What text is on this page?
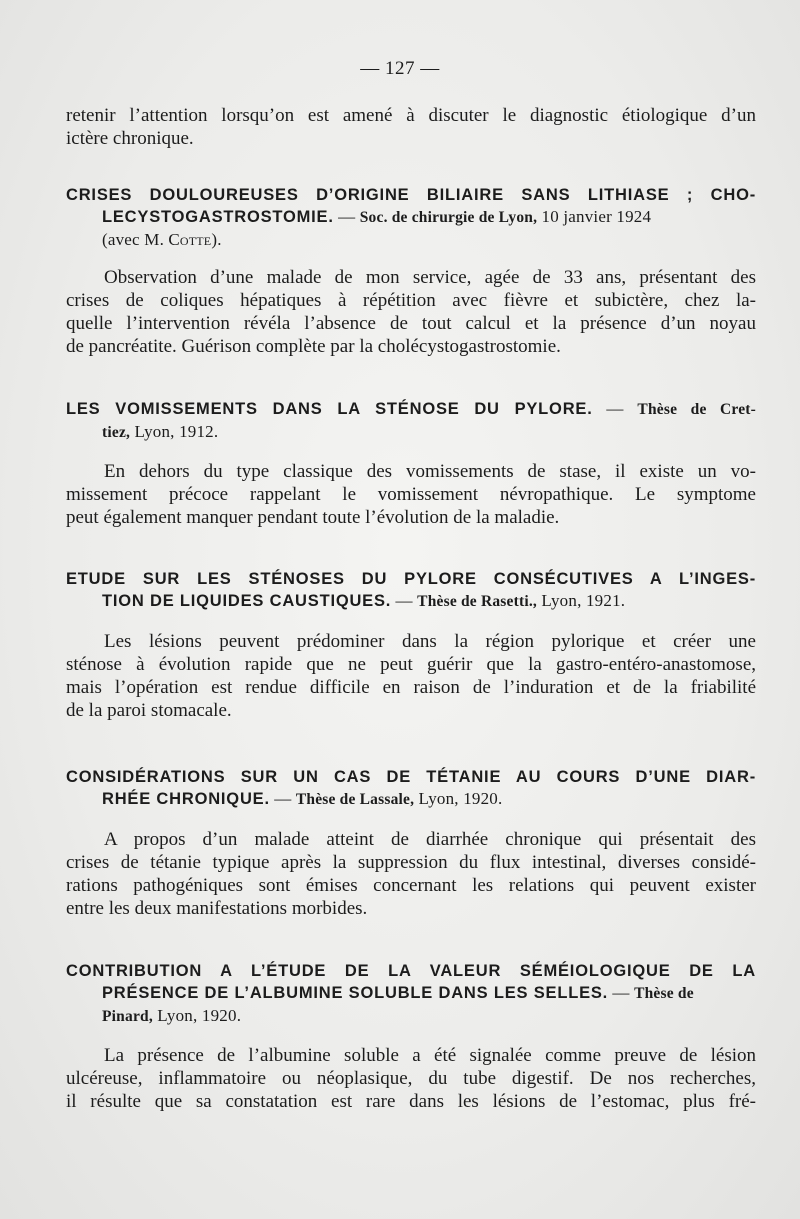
— 127 —
retenir l’attention lorsqu’on est amené à discuter le diagnostic étiologique d’un
ictère chronique.
CRISES DOULOUREUSES D’ORIGINE BILIAIRE SANS LITHIASE ; CHO-
LECYSTOGASTROSTOMIE. — Soc. de chirurgie de Lyon, 10 janvier 1924
(avec M. Cotte).
Observation d’une malade de mon service, agée de 33 ans, présentant des
crises de coliques hépatiques à répétition avec fièvre et subictère, chez la-
quelle l’intervention révéla l’absence de tout calcul et la présence d’un noyau
de pancréatite. Guérison complète par la cholécystogastrostomie.
LES VOMISSEMENTS DANS LA STÉNOSE DU PYLORE. — Thèse de Cret-
tiez, Lyon, 1912.
En dehors du type classique des vomissements de stase, il existe un vo-
missement précoce rappelant le vomissement névropathique. Le symptome
peut également manquer pendant toute l’évolution de la maladie.
ETUDE SUR LES STÉNOSES DU PYLORE CONSÉCUTIVES A L’INGES-
TION DE LIQUIDES CAUSTIQUES. — Thèse de Rasetti., Lyon, 1921.
Les lésions peuvent prédominer dans la région pylorique et créer une
sténose à évolution rapide que ne peut guérir que la gastro-entéro-anastomose,
mais l’opération est rendue difficile en raison de l’induration et de la friabilité
de la paroi stomacale.
CONSIDÉRATIONS SUR UN CAS DE TÉTANIE AU COURS D’UNE DIAR-
RHÉE CHRONIQUE. — Thèse de Lassale, Lyon, 1920.
A propos d’un malade atteint de diarrhée chronique qui présentait des
crises de tétanie typique après la suppression du flux intestinal, diverses considé-
rations pathogéniques sont émises concernant les relations qui peuvent exister
entre les deux manifestations morbides.
CONTRIBUTION A L’ÉTUDE DE LA VALEUR SÉMÉIOLOGIQUE DE LA
PRÉSENCE DE L’ALBUMINE SOLUBLE DANS LES SELLES. — Thèse de
Pinard, Lyon, 1920.
La présence de l’albumine soluble a été signalée comme preuve de lésion
ulcéreuse, inflammatoire ou néoplasique, du tube digestif. De nos recherches,
il résulte que sa constatation est rare dans les lésions de l’estomac, plus fré-
